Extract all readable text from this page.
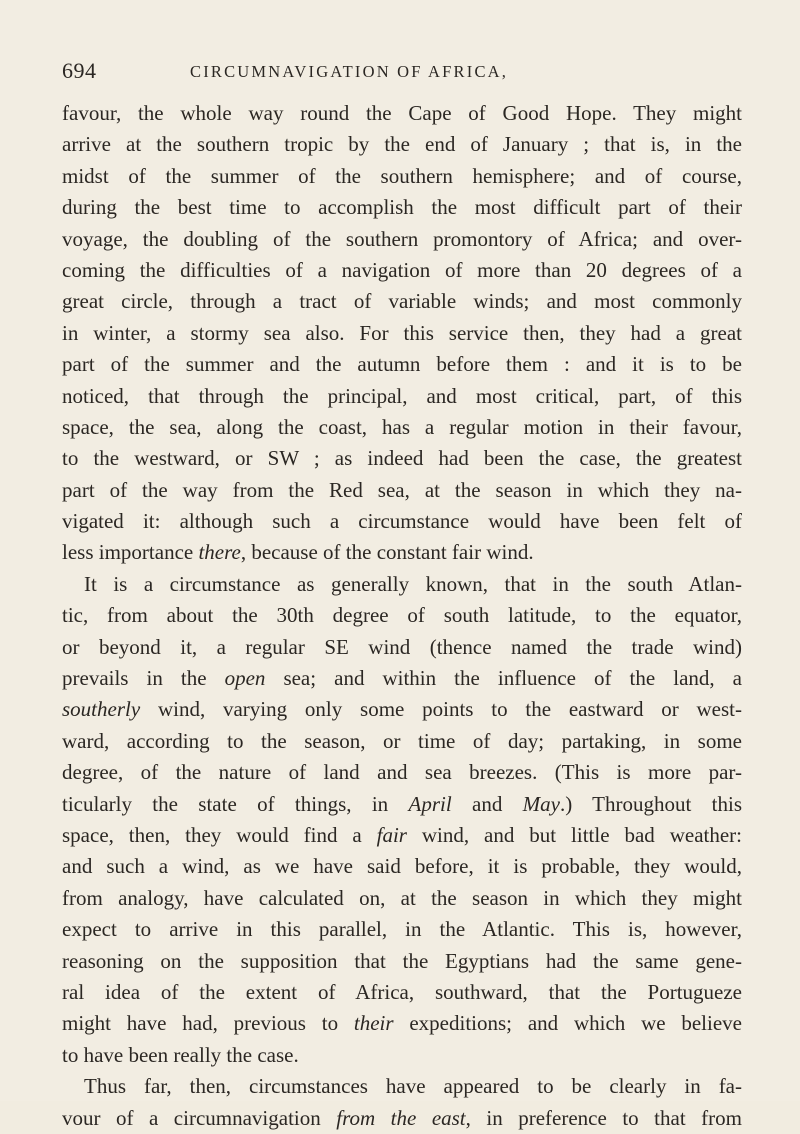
694	CIRCUMNAVIGATION OF AFRICA,
favour, the whole way round the Cape of Good Hope. They might
arrive at the southern tropic by the end of January ; that is, in the
midst of the summer of the southern hemisphere; and of course,
during the best time to accomplish the most difficult part of their
voyage, the doubling of the southern promontory of Africa; and over-
coming the difficulties of a navigation of more than 20 degrees of a
great circle, through a tract of variable winds; and most commonly
in winter, a stormy sea also. For this service then, they had a great
part of the summer and the autumn before them : and it is to be
noticed, that through the principal, and most critical, part, of this
space, the sea, along the coast, has a regular motion in their favour,
to the westward, or SW ; as indeed had been the case, the greatest
part of the way from the Red sea, at the season in which they na-
vigated it: although such a circumstance would have been felt of
less importance there, because of the constant fair wind.
It is a circumstance as generally known, that in the south Atlan-
tic, from about the 30th degree of south latitude, to the equator,
or beyond it, a regular SE wind (thence named the trade wind)
prevails in the open sea; and within the influence of the land, a
southerly wind, varying only some points to the eastward or west-
ward, according to the season, or time of day; partaking, in some
degree, of the nature of land and sea breezes. (This is more par-
ticularly the state of things, in April and May.) Throughout this
space, then, they would find a fair wind, and but little bad weather:
and such a wind, as we have said before, it is probable, they would,
from analogy, have calculated on, at the season in which they might
expect to arrive in this parallel, in the Atlantic. This is, however,
reasoning on the supposition that the Egyptians had the same gene-
ral idea of the extent of Africa, southward, that the Portugueze
might have had, previous to their expeditions; and which we believe
to have been really the case.
Thus far, then, circumstances have appeared to be clearly in fa-
vour of a circumnavigation from the east, in preference to that from
